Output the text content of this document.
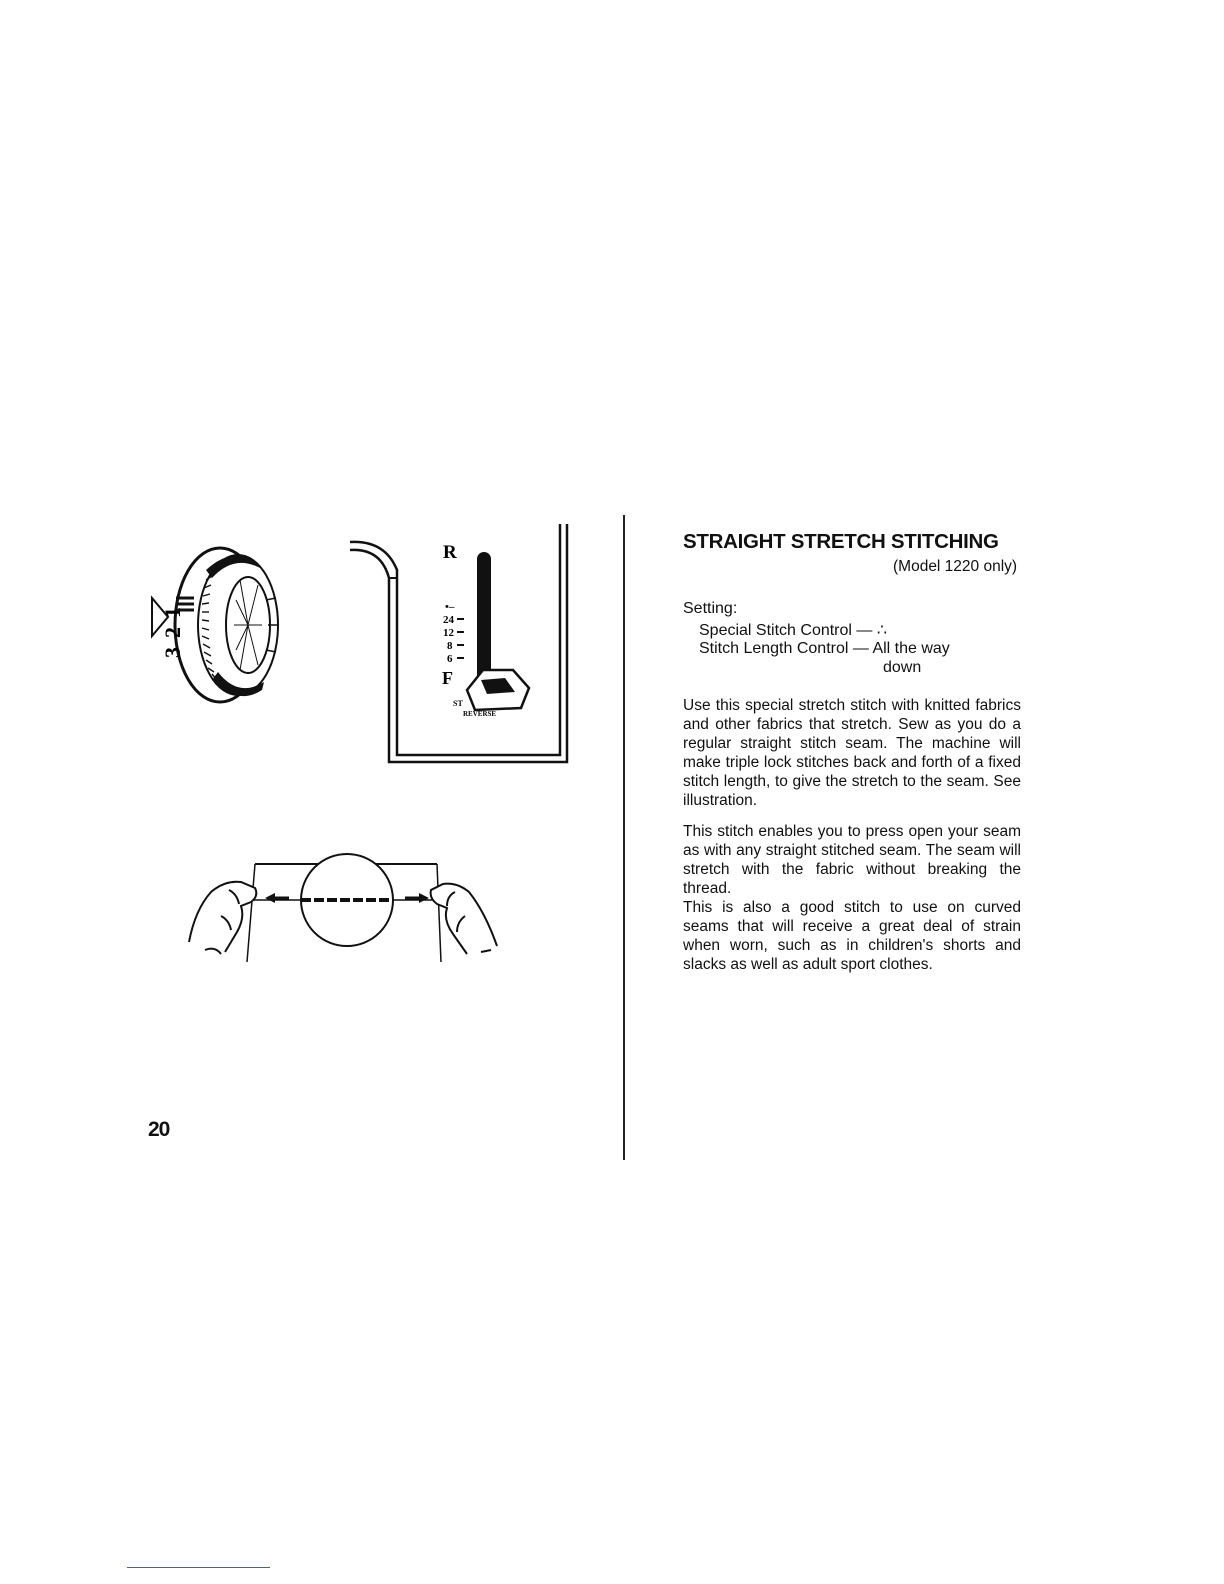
3
2
1
R
F
•–
24
12
8
6
ST
REVERSE
20
STRAIGHT STRETCH STITCHING
(Model 1220 only)
Setting:
Special Stitch Control — ∴
Stitch Length Control — All the way
down

Use this special stretch stitch with knitted fabrics and other fabrics that stretch. Sew as you do a regular straight stitch seam. The machine will make triple lock stitches back and forth of a fixed stitch length, to give the stretch to the seam. See illustration.

This stitch enables you to press open your seam as with any straight stitched seam. The seam will stretch with the fabric without breaking the thread.

This is also a good stitch to use on curved seams that will receive a great deal of strain when worn, such as in children's shorts and slacks as well as adult sport clothes.
